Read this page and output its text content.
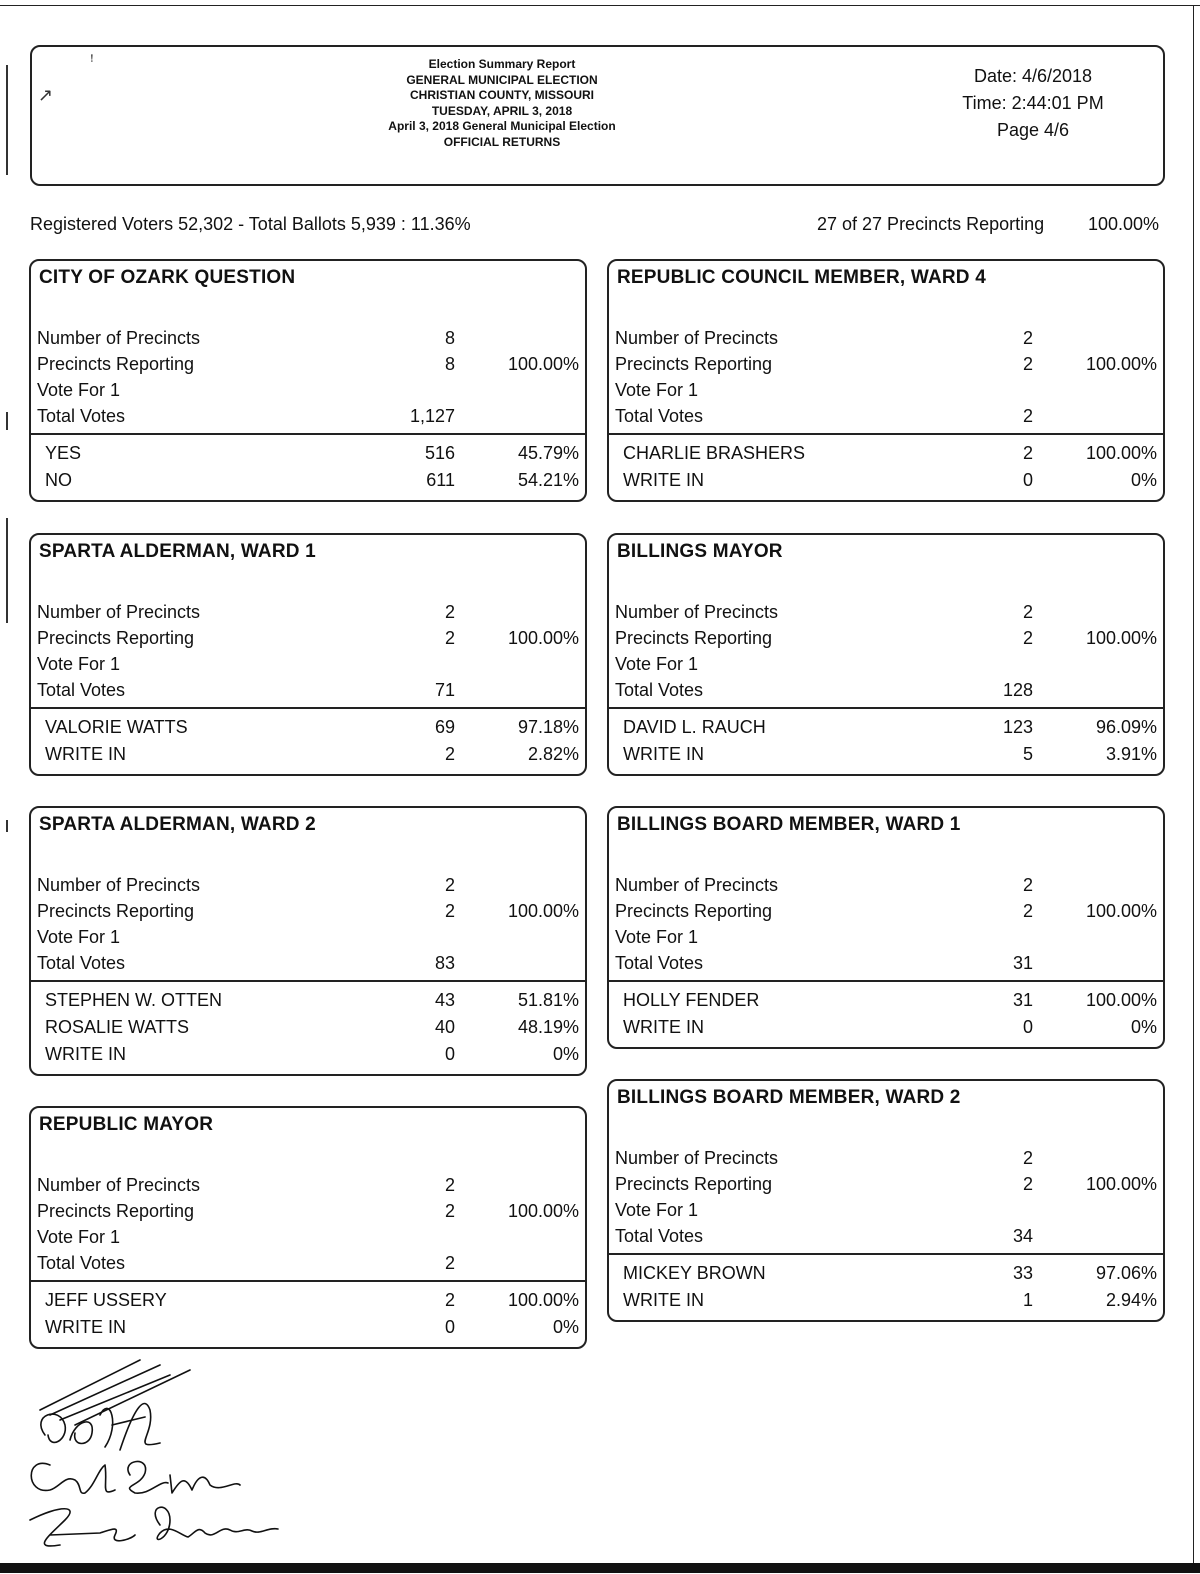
ꜝ
↗
Election Summary Report
GENERAL MUNICIPAL ELECTION
CHRISTIAN COUNTY, MISSOURI
TUESDAY, APRIL 3, 2018
April 3, 2018 General Municipal Election
OFFICIAL RETURNS
Date: 4/6/2018
Time: 2:44:01 PM
Page 4/6
Registered Voters 52,302 - Total Ballots 5,939 : 11.36%	27 of 27 Precincts Reporting 100.00%
CITY OF OZARK QUESTION
Number of Precincts	8
Precincts Reporting	8	100.00%
Vote For 1
Total Votes	1,127
YES	516	45.79%
NO	611	54.21%
SPARTA ALDERMAN, WARD 1
Number of Precincts	2
Precincts Reporting	2	100.00%
Vote For 1
Total Votes	71
VALORIE WATTS	69	97.18%
WRITE IN	2	2.82%
SPARTA ALDERMAN, WARD 2
Number of Precincts	2
Precincts Reporting	2	100.00%
Vote For 1
Total Votes	83
STEPHEN W. OTTEN	43	51.81%
ROSALIE WATTS	40	48.19%
WRITE IN	0	0%
REPUBLIC MAYOR
Number of Precincts	2
Precincts Reporting	2	100.00%
Vote For 1
Total Votes	2
JEFF USSERY	2	100.00%
WRITE IN	0	0%
REPUBLIC COUNCIL MEMBER, WARD 4
Number of Precincts	2
Precincts Reporting	2	100.00%
Vote For 1
Total Votes	2
CHARLIE BRASHERS	2	100.00%
WRITE IN	0	0%
BILLINGS MAYOR
Number of Precincts	2
Precincts Reporting	2	100.00%
Vote For 1
Total Votes	128
DAVID L. RAUCH	123	96.09%
WRITE IN	5	3.91%
BILLINGS BOARD MEMBER, WARD 1
Number of Precincts	2
Precincts Reporting	2	100.00%
Vote For 1
Total Votes	31
HOLLY FENDER	31	100.00%
WRITE IN	0	0%
BILLINGS BOARD MEMBER, WARD 2
Number of Precincts	2
Precincts Reporting	2	100.00%
Vote For 1
Total Votes	34
MICKEY BROWN	33	97.06%
WRITE IN	1	2.94%
